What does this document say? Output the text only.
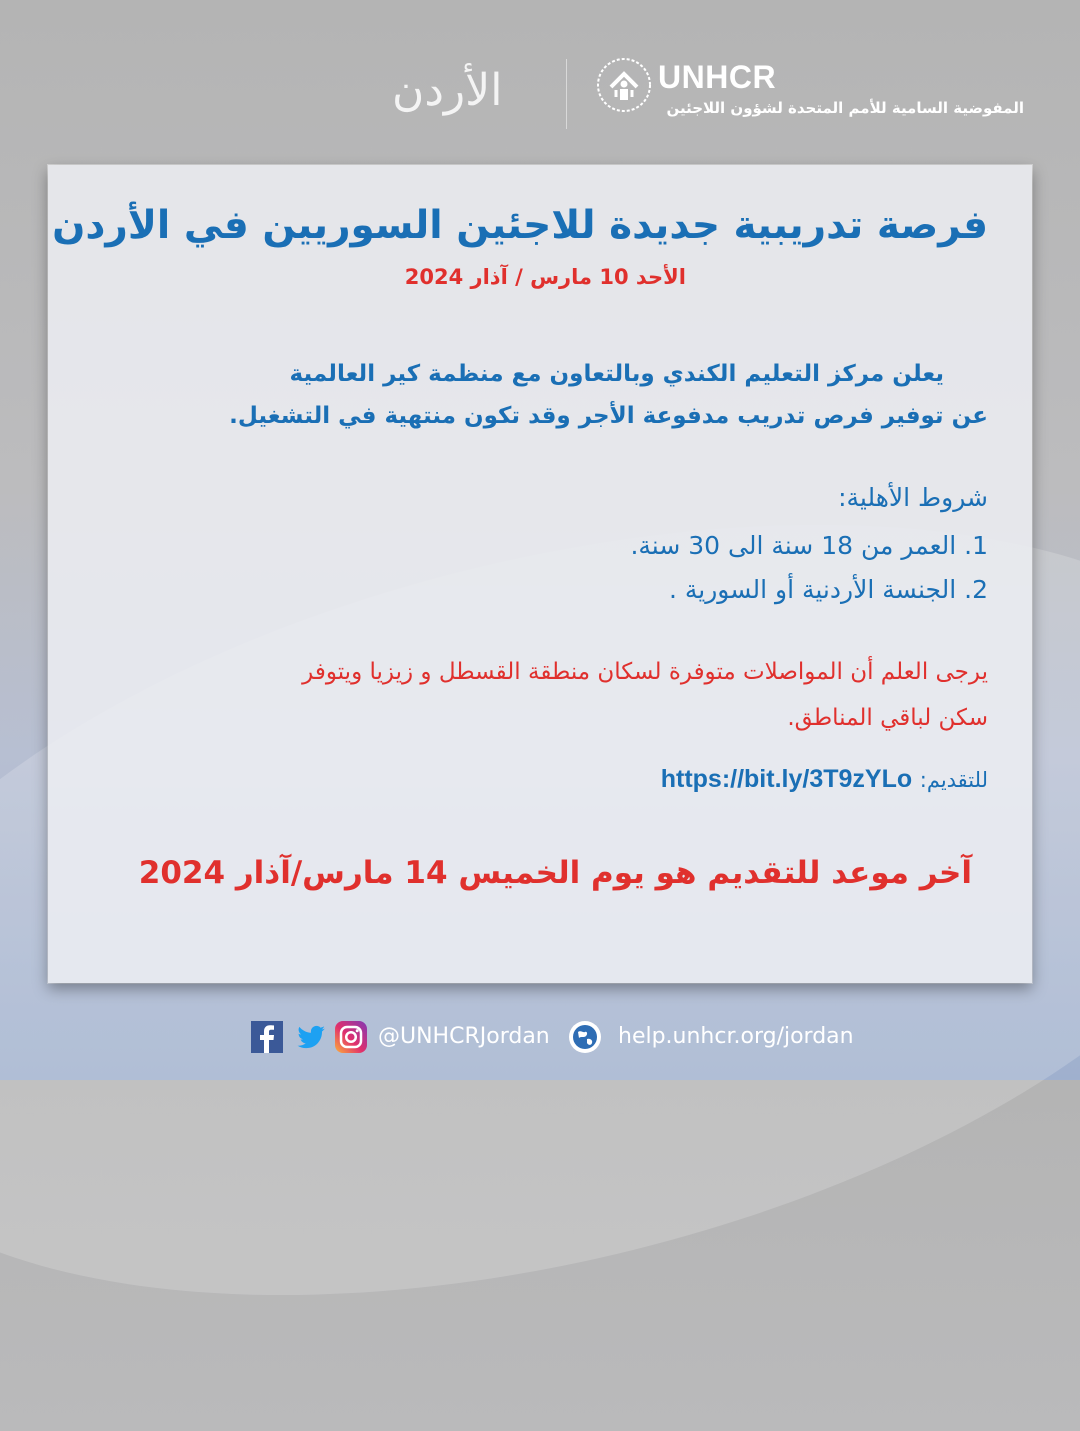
الأردن	UNHCR
المفوضية السامية للأمم المتحدة لشؤون اللاجئين
فرصة تدريبية جديدة للاجئين السوريين في الأردن
الأحد 10 مارس / آذار 2024
يعلن مركز التعليم الكندي وبالتعاون مع منظمة كير العالمية
عن توفير فرص تدريب مدفوعة الأجر وقد تكون منتهية في التشغيل.
شروط الأهلية:
1. العمر من 18 سنة الى 30 سنة.
2. الجنسة الأردنية أو السورية .
يرجى العلم أن المواصلات متوفرة لسكان منطقة القسطل و زيزيا ويتوفر
سكن لباقي المناطق.
للتقديم: https://bit.ly/3T9zYLo
آخر موعد للتقديم هو يوم الخميس 14 مارس/آذار 2024
@UNHCRJordan	help.unhcr.org/jordan
